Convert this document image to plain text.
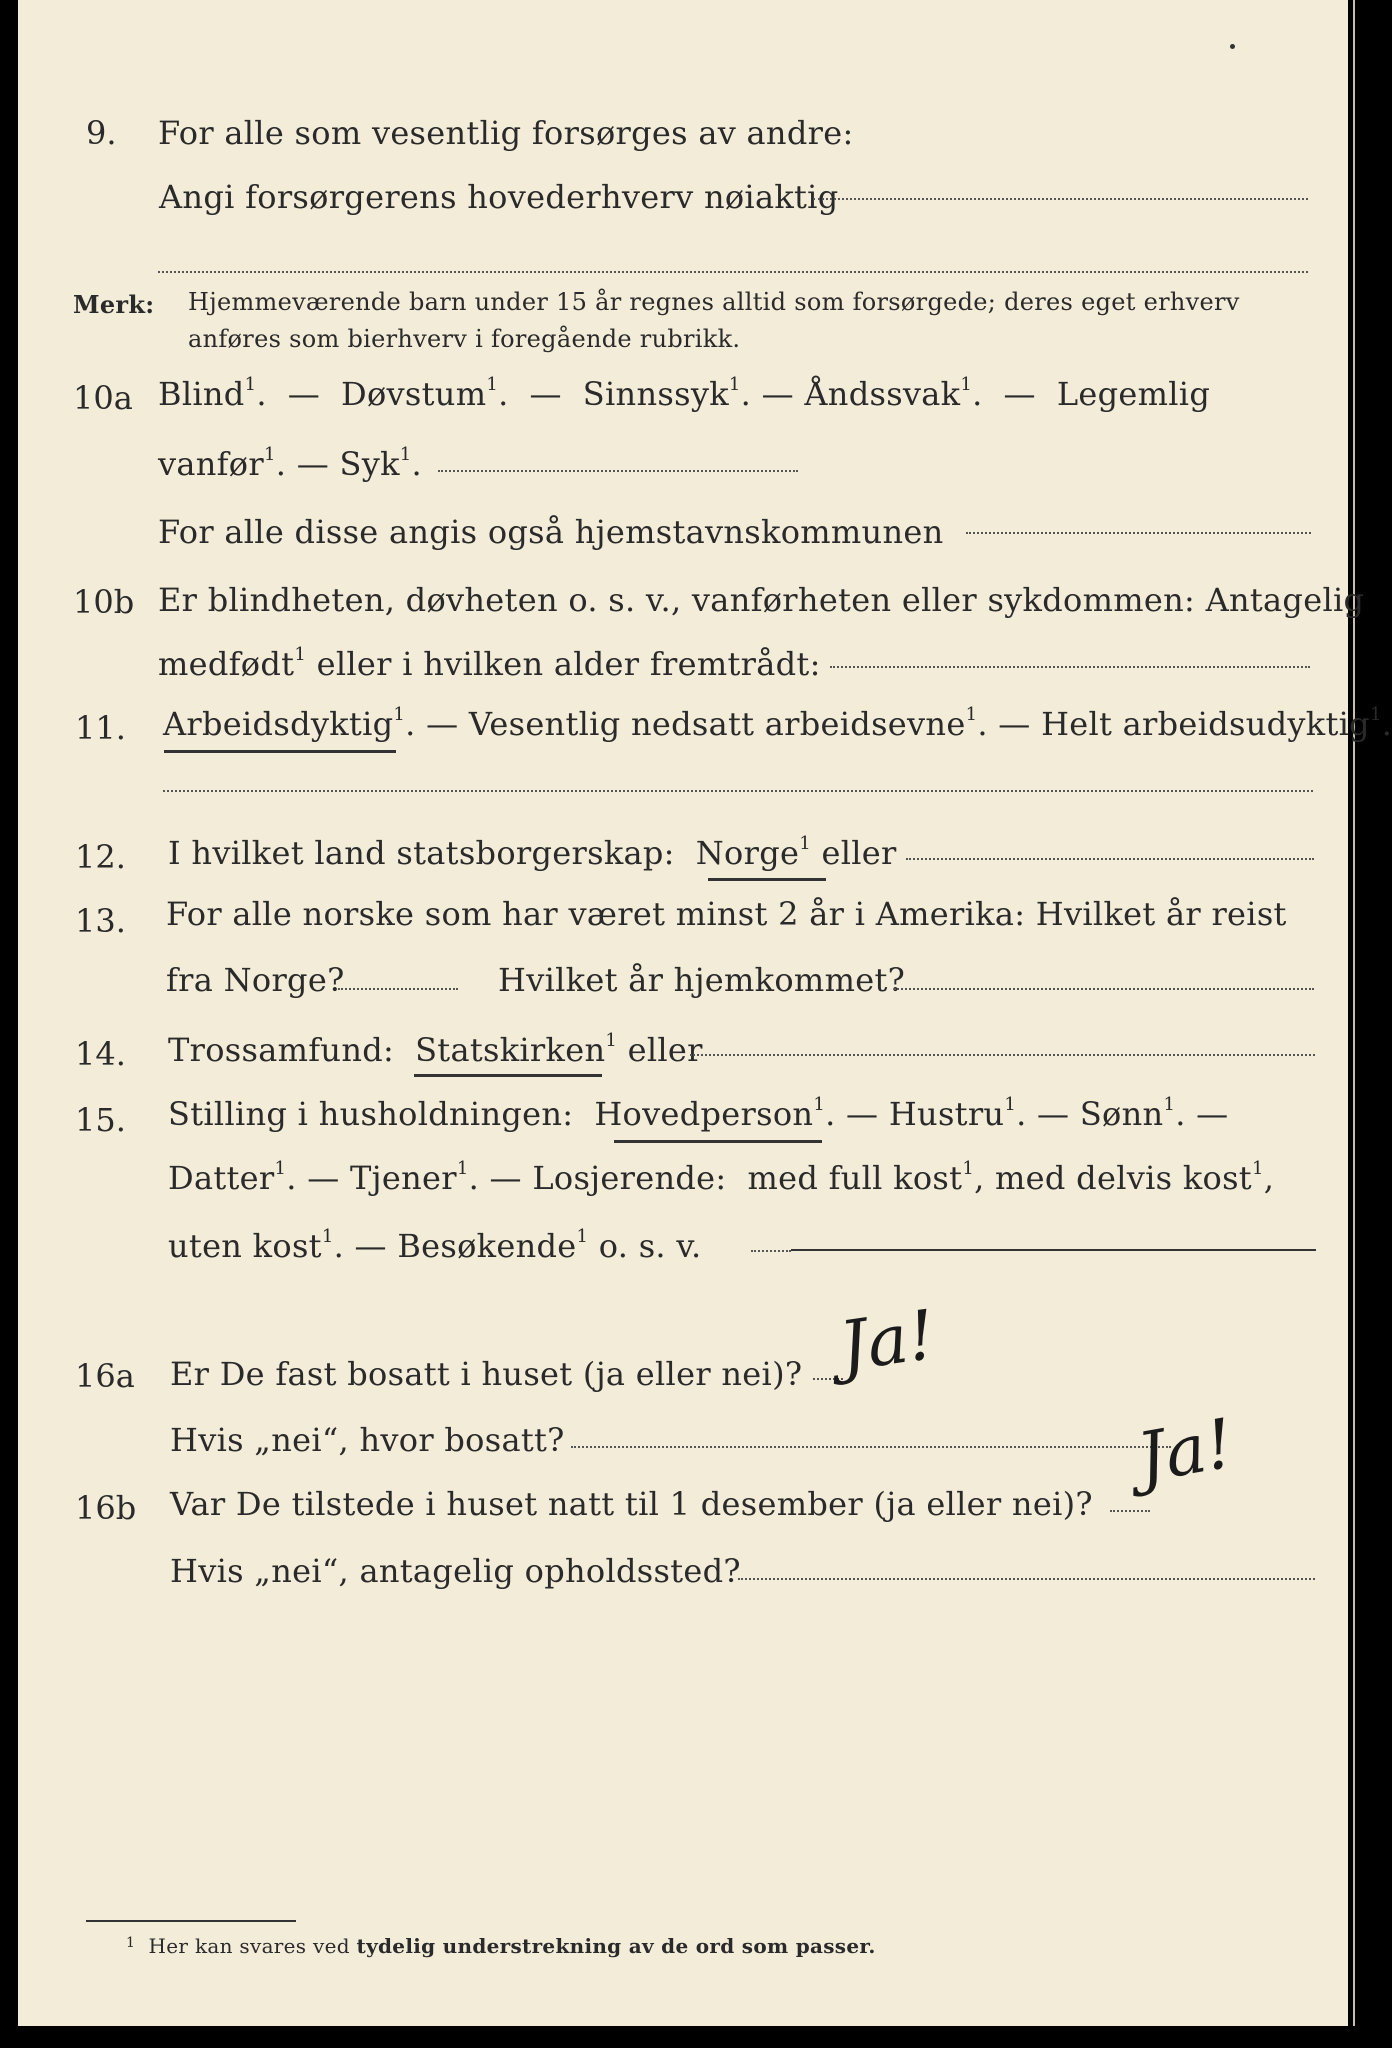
9. For alle som vesentlig forsørges av andre:
Angi forsørgerens hovederhverv nøiaktig
Merk: Hjemmeværende barn under 15 år regnes alltid som forsørgede; deres eget erhverv
anføres som bierhverv i foregående rubrikk.
10a Blind$^1$.  —  Døvstum$^1$.  —  Sinnssyk$^1$. — Åndssvak$^1$.  —  Legemlig
vanfør$^1$. — Syk$^1$.
For alle disse angis også hjemstavnskommunen
10b Er blindheten, døvheten o. s. v., vanførheten eller sykdommen: Antagelig
medfødt$^1$ eller i hvilken alder fremtrådt:
11. Arbeidsdyktig$^1$. — Vesentlig nedsatt arbeidsevne$^1$. — Helt arbeidsudyktig$^1$.
12. I hvilket land statsborgerskap: Norge$^1$ eller
13. For alle norske som har været minst 2 år i Amerika: Hvilket år reist
fra Norge?	Hvilket år hjemkommet?
14. Trossamfund: Statskirken$^1$ eller
15. Stilling i husholdningen: Hovedperson$^1$. — Hustru$^1$. — Sønn$^1$. —
Datter$^1$. — Tjener$^1$. — Losjerende: med full kost$^1$, med delvis kost$^1$,
uten kost$^1$. — Besøkende$^1$ o. s. v.
16a Er De fast bosatt i huset (ja eller nei)? Ja!
Hvis „nei“, hvor bosatt?
16b Var De tilstede i huset natt til 1 desember (ja eller nei)?
Ja!
Hvis „nei“, antagelig opholdssted?
$^1$ Her kan svares ved tydelig understrekning av de ord som passer.
